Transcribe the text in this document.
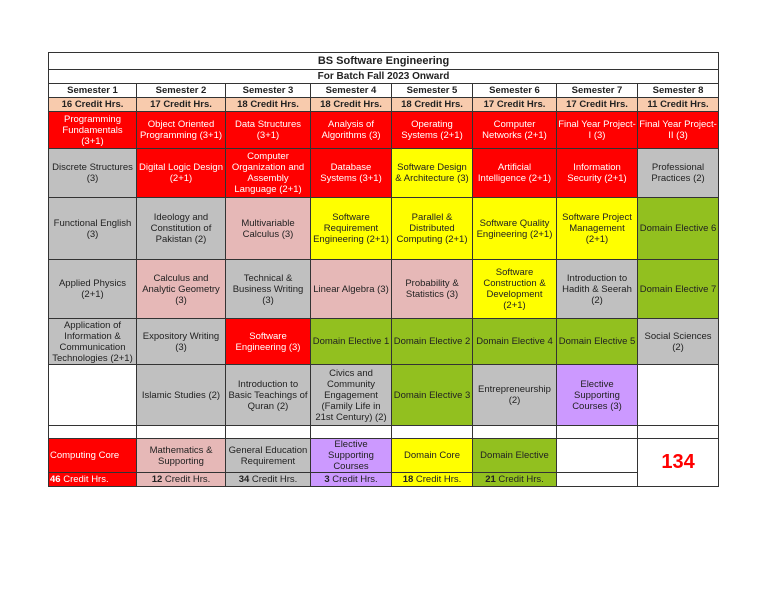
BS Software Engineering							
For Batch Fall 2023 Onward							
Semester 1	Semester 2	Semester 3	Semester 4	Semester 5	Semester 6	Semester 7	Semester 8
16 Credit Hrs.	17 Credit Hrs.	18 Credit Hrs.	18 Credit Hrs.	18 Credit Hrs.	17 Credit Hrs.	17 Credit Hrs.	11 Credit Hrs.
Programming Fundamentals (3+1)	Object Oriented Programming (3+1)	Data Structures (3+1)	Analysis of Algorithms (3)	Operating Systems (2+1)	Computer Networks (2+1)	Final Year Project-I (3)	Final Year Project-II (3)
Discrete Structures (3)	Digital Logic Design (2+1)	Computer Organization and Assembly Language (2+1)	Database Systems (3+1)	Software Design & Architecture (3)	Artificial Intelligence (2+1)	Information Security (2+1)	Professional Practices (2)
Functional English (3)	Ideology and Constitution of Pakistan (2)	Multivariable Calculus (3)	Software Requirement Engineering (2+1)	Parallel & Distributed Computing (2+1)	Software Quality Engineering (2+1)	Software Project Management (2+1)	Domain Elective 6
Applied Physics (2+1)	Calculus and Analytic Geometry (3)	Technical & Business Writing (3)	Linear Algebra (3)	Probability & Statistics (3)	Software Construction & Development (2+1)	Introduction to Hadith & Seerah (2)	Domain Elective 7
Application of Information & Communication Technologies (2+1)	Expository Writing (3)	Software Engineering (3)	Domain Elective 1	Domain Elective 2	Domain Elective 4	Domain Elective 5	Social Sciences (2)
	Islamic Studies (2)	Introduction to Basic Teachings of Quran (2)	Civics and Community Engagement (Family Life in 21st Century) (2)	Domain Elective 3	Entrepreneurship (2)	Elective Supporting Courses (3)	

Computing Core	Mathematics & Supporting	General Education Requirement	Elective Supporting Courses	Domain Core	Domain Elective		134
46 Credit Hrs.	12 Credit Hrs.	34 Credit Hrs.	3 Credit Hrs.	18 Credit Hrs.	21 Credit Hrs.		
